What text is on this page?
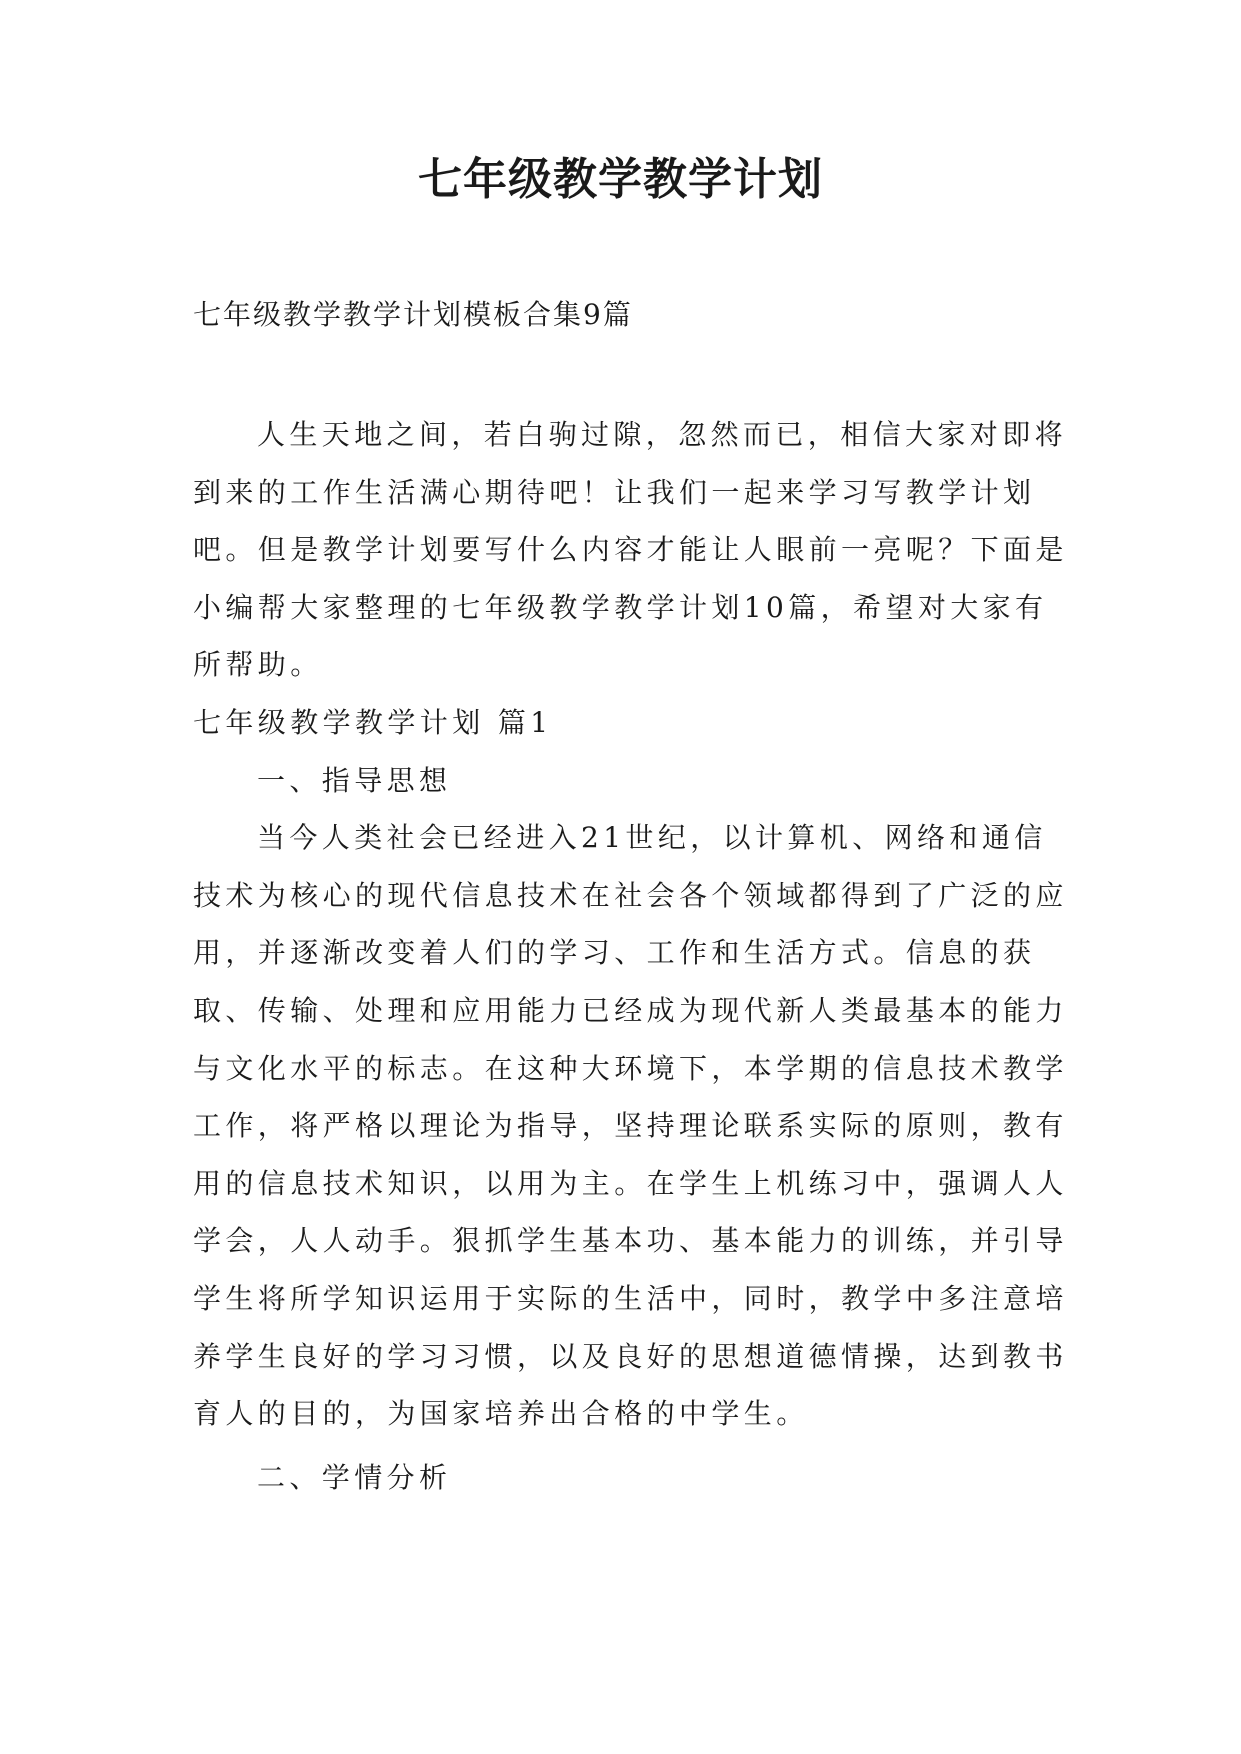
七年级教学教学计划
七年级教学教学计划模板合集9篇

人生天地之间，若白驹过隙，忽然而已，相信大家对即将到来的工作生活满心期待吧！让我们一起来学习写教学计划吧。但是教学计划要写什么内容才能让人眼前一亮呢？下面是小编帮大家整理的七年级教学教学计划10篇，希望对大家有所帮助。

七年级教学教学计划 篇1

一、指导思想

当今人类社会已经进入21世纪，以计算机、网络和通信技术为核心的现代信息技术在社会各个领域都得到了广泛的应用，并逐渐改变着人们的学习、工作和生活方式。信息的获取、传输、处理和应用能力已经成为现代新人类最基本的能力与文化水平的标志。在这种大环境下，本学期的信息技术教学工作，将严格以理论为指导，坚持理论联系实际的原则，教有用的信息技术知识，以用为主。在学生上机练习中，强调人人学会，人人动手。狠抓学生基本功、基本能力的训练，并引导学生将所学知识运用于实际的生活中，同时，教学中多注意培养学生良好的学习习惯，以及良好的思想道德情操，达到教书育人的目的，为国家培养出合格的中学生。

二、学情分析
